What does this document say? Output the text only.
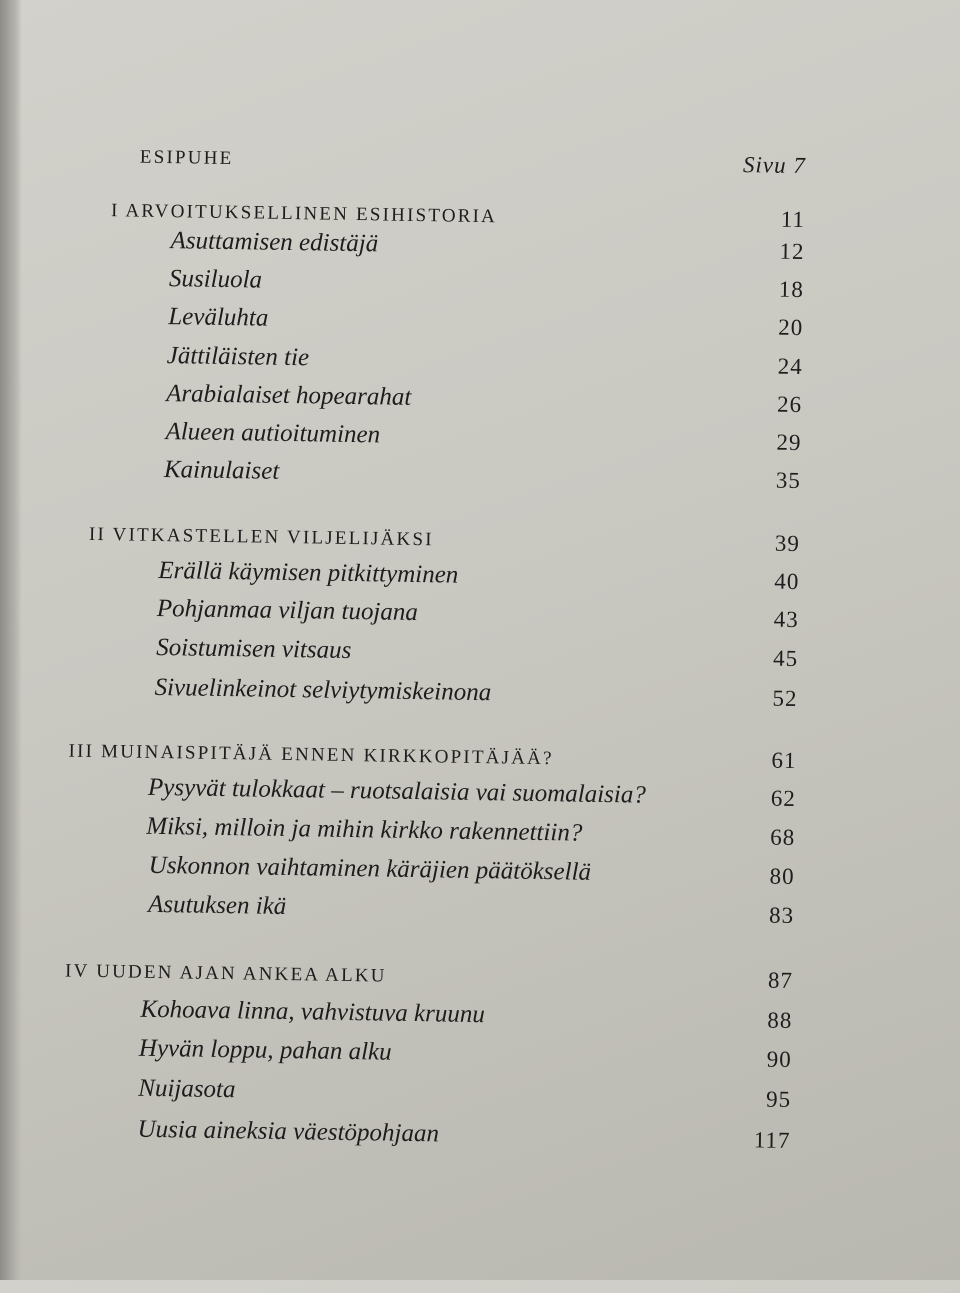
ESIPUHE	Sivu 7
I ARVOITUKSELLINEN ESIHISTORIA	11
Asuttamisen edistäjä	12
Susiluola	18
Leväluhta	20
Jättiläisten tie	24
Arabialaiset hopearahat	26
Alueen autioituminen	29
Kainulaiset	35
II VITKASTELLEN VILJELIJÄKSI	39
Erällä käymisen pitkittyminen	40
Pohjanmaa viljan tuojana	43
Soistumisen vitsaus	45
Sivuelinkeinot selviytymiskeinona	52
III MUINAISPITÄJÄ ENNEN KIRKKOPITÄJÄÄ?	61
Pysyvät tulokkaat – ruotsalaisia vai suomalaisia?	62
Miksi, milloin ja mihin kirkko rakennettiin?	68
Uskonnon vaihtaminen käräjien päätöksellä	80
Asutuksen ikä	83
IV UUDEN AJAN ANKEA ALKU	87
Kohoava linna, vahvistuva kruunu	88
Hyvän loppu, pahan alku	90
Nuijasota	95
Uusia aineksia väestöpohjaan	117
